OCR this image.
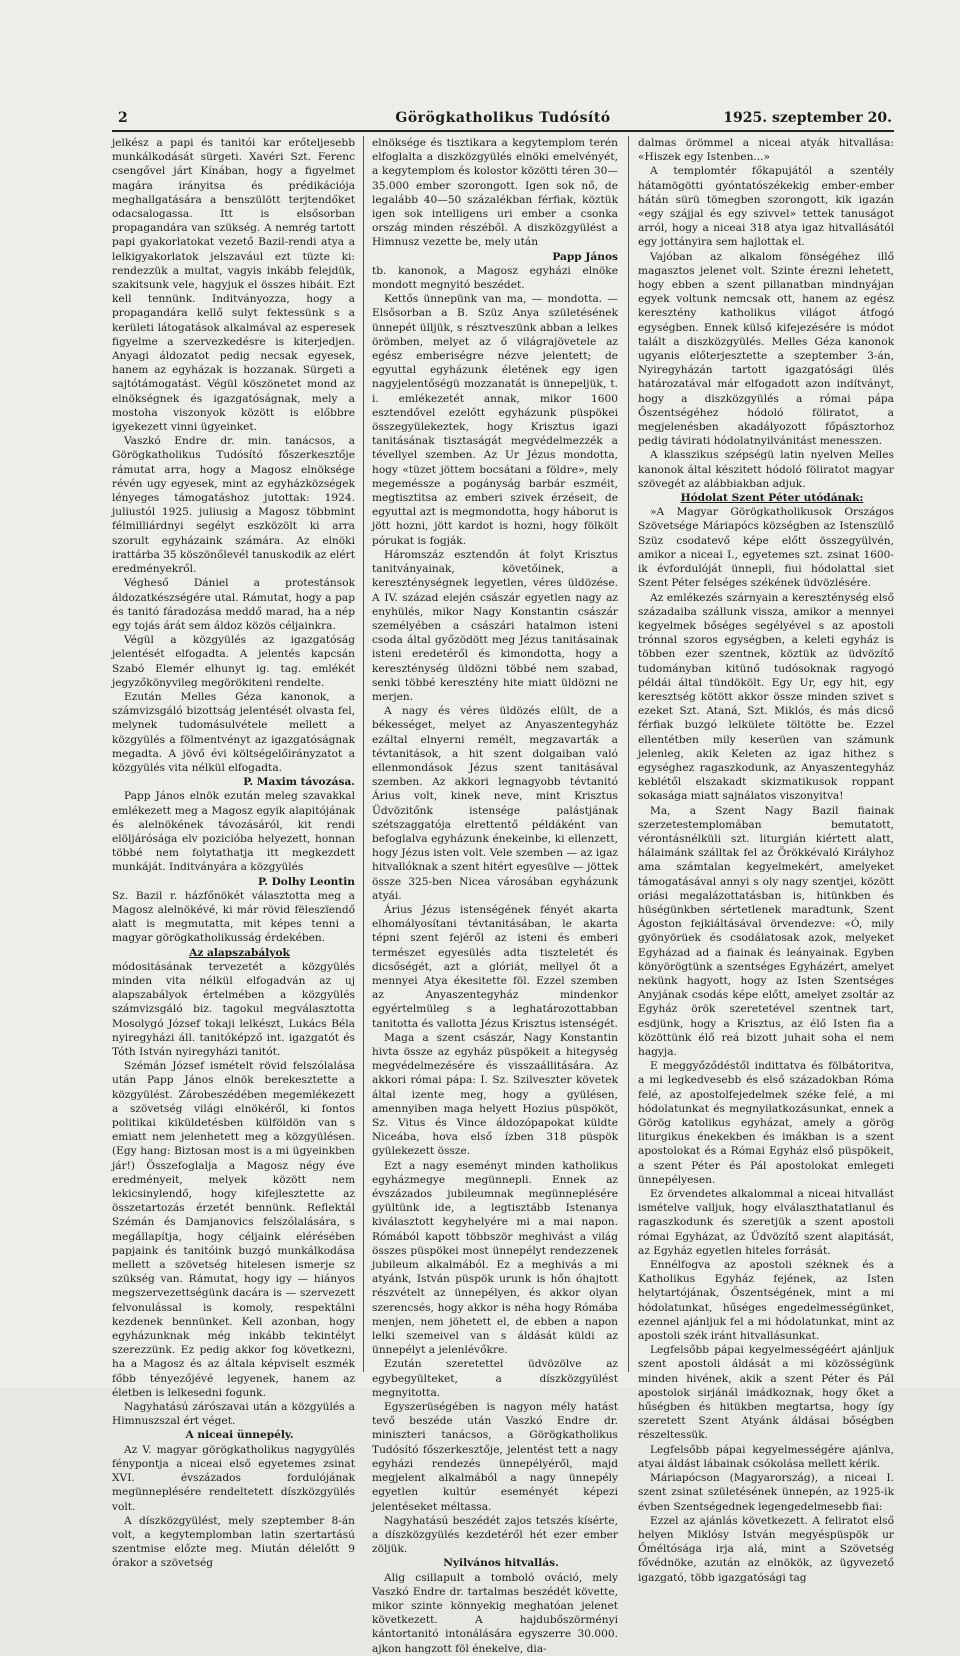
2	Görögkatholikus Tudósító	1925. szeptember 20.

jelkész a papi és tanitói kar erőteljesebb munkálkodását sürgeti. Xavéri Szt. Ferenc csengővel járt Kínában, hogy a figyelmet magára irányitsa és prédikációja meghallgatására a benszülött terjtendőket odacsalogassa. Itt is elsősorban propagandára van szükség. A nemrég tartott papi gyakorlatokat vezető Bazil-rendi atya a lelkigyakorlatok jelszavául ezt tüzte ki: rendezzük a multat, vagyis inkább felejdük, szakitsunk vele, hagyjuk el összes hibáit. Ezt kell tennünk. Inditványozza, hogy a propagandára kellő sulyt fektessünk s a kerületi látogatások alkalmával az esperesek figyelme a szervezkedésre is kiterjedjen. Anyagi áldozatot pedig necsak egyesek, hanem az egyházak is hozzanak. Sürgeti a sajtótámogatást. Végül köszönetet mond az elnökségnek és igazgatóságnak, mely a mostoha viszonyok között is előbbre igyekezett vinni ügyeinket.

Vaszkó Endre dr. min. tanácsos, a Görögkatholikus Tudósító főszerkesztője rámutat arra, hogy a Magosz elnöksége révén ugy egyesek, mint az egyházközségek lényeges támogatáshoz jutottak: 1924. juliustól 1925. juliusig a Magosz többmint félmilliárdnyi segélyt eszközölt ki arra szorult egyházaink számára. Az elnöki irattárba 35 köszönőlevél tanuskodik az elért eredményekről.

Végheső Dániel a protestánsok áldozatkészségére utal. Rámutat, hogy a pap és tanitó fáradozása meddő marad, ha a nép egy tojás árát sem áldoz közös céljainkra.

Végül a közgyülés az igazgatóság jelentését elfogadta. A jelentés kapcsán Szabó Elemér elhunyt ig. tag. emlékét jegyzőkönyvileg megörökiteni rendelte.

Ezután Melles Géza kanonok, a számvizsgáló bizottság jelentését olvasta fel, melynek tudomásulvétele mellett a közgyülés a fölmentvényt az igazgatóságnak megadta. A jövő évi költségelőirányzatot a közgyülés vita nélkül elfogadta.

P. Maxim távozása.

Papp János elnök ezután meleg szavakkal emlékezett meg a Magosz egyik alapitójának és alelnökének távozásáról, kit rendi elöljárósága elv pozicióba helyezett, honnan többé nem folytathatja itt megkezdett munkáját. Inditványára a közgyülés

P. Dolhy Leontin

Sz. Bazil r. házfőnökét választotta meg a Magosz alelnökévé, ki már rövid fëleszïendő alatt is megmutatta, mit képes tenni a magyar görögkatholikusság érdekében.

Az alapszabályok

módositásának tervezetét a közgyülés minden vita nélkül elfogadván az uj alapszabályok értelmében a közgyülés számvizsgáló biz. tagokul megválasztotta Mosolygó József tokaji lelkészt, Lukács Béla nyiregyházi áll. tanitóképző int. igazgatót és Tóth István nyiregyházi tanitót.

Szémán József ismételt rövid felszólalása után Papp János elnök berekesztette a közgyülést. Zárobeszédében megemlékezett a szövetség világi elnökéről, ki fontos politikai kiküldetésben külföldön van s emiatt nem jelenhetett meg a közgyülésen. (Egy hang: Biztosan most is a mi ügyeinkben jár!) Összefoglalja a Magosz négy éve eredményeit, melyek között nem lekicsinylendő, hogy kifejlesztette az összetartozás érzetét bennünk. Reflektál Szémán és Damjanovics felszólalására, s megállapítja, hogy céljaink elérésében papjaink és tanitóink buzgó munkálkodása mellett a szövetség hitelesen ismerje sz szükség van. Rámutat, hogy igy — hiányos megszervezettségünk dacára is — szervezett felvonulással is komoly, respektálni kezdenek bennünket. Kell azonban, hogy egyházunknak még inkább tekintélyt szerezzünk. Ez pedig akkor fog következni, ha a Magosz és az általa képviselt eszmék főbb tényezőjévé legyenek, hanem az életben is lelkesedni fogunk.

Nagyhatású zárószavai után a közgyülés a Himnuszszal ért véget.

A niceai ünnepély.

Az V. magyar görögkatholikus nagygyülés fénypontja a niceai első egyetemes zsinat XVI. évszázados fordulójának megünneplésére rendeltetett díszközgyülés volt.

A díszközgyülést, mely szeptember 8-án volt, a kegytemplomban latin szertartású szentmise előzte meg. Miután délelőtt 9 órakor a szövetség

elnöksége és tisztikara a kegytemplom terén elfoglalta a diszközgyülés elnöki emelvényét, a kegytemplom és kolostor közötti téren 30—35.000 ember szorongott. Igen sok nő, de legalább 40—50 százalékban férfiak, köztük igen sok intelligens uri ember a csonka ország minden részéből. A diszközgyülést a Himnusz vezette be, mely után

Papp János

tb. kanonok, a Magosz egyházi elnöke mondott megnyitó beszédet.

Kettős ünnepünk van ma, — mondotta. — Elsősorban a B. Szüz Anya születésének ünnepét ülljük, s résztveszünk abban a lelkes örömben, melyet az ő világrajövetele az egész emberiségre nézve jelentett; de egyuttal egyházunk életének egy igen nagyjelentőségü mozzanatát is ünnepeljük, t. i. emlékezetét annak, mikor 1600 esztendővel ezelőtt egyházunk püspökei összegyülekeztek, hogy Krisztus igazi tanitásának tisztaságát megvédelmezzék a tévellyel szemben. Az Ur Jézus mondotta, hogy «tüzet jöttem bocsátani a földre», mely megemésszе a pogányság barbár eszméit, megtisztitsa az emberi szivek érzéseit, de egyuttal azt is megmondotta, hogy háborut is jött hozni, jött kardot is hozni, hogy fölkölt pórukat is fogják.

Háromszáz esztendőn át folyt Krisztus tanitványainak, követőinek, a kereszténységnek legyetlen, véres üldözése. A IV. század elején császár egyetlen nagy az enyhülés, mikor Nagy Konstantin császár személyében a császári hatalmon isteni csoda által győzödött meg Jézus tanitásainak isteni eredetéről és kimondotta, hogy a kereszténység üldözni többé nem szabad, senki többé keresztény hite miatt üldözni ne merjen.

A nagy és véres üldözés elült, de a békességet, melyet az Anyaszentegyház ezáltal elnyerni remélt, megzavarták a tévtanitások, a hit szent dolgaiban való ellenmondások Jézus szent tanitásával szemben. Az akkori legnagyobb tévtanitó Árius volt, kinek neve, mint Krisztus Üdvözitőnk istensége palástjának szétszaggatója elrettentő példáként van befoglalva egyházunk énekeinbe, ki ellenzett, hogy Jézus isten volt. Vele szemben — az igaz hitvallóknak a szent hitért egyesülve — jöttek össze 325-ben Nicea városában egyházunk atyái.

Árius Jézus istenségének fényét akarta elhomályosítani tévtanitásában, le akarta tépni szent fejéről az isteni és emberi természet egyesülés adta tiszteletét és dicsőségét, azt a glóriát, mellyel őt a mennyei Atya ékesitette föl. Ezzel szemben az Anyaszentegyház mindenkor egyértelmüleg s a leghatározottabban tanitotta és vallotta Jézus Krisztus istenségét.

Maga a szent császár, Nagy Konstantin hivta össze az egyház püspökeit a hitegység megvédelmezésére és visszaállitására. Az akkori római pápa: I. Sz. Szilveszter követek által izente meg, hogy a gyülésen, amennyiben maga helyett Hozius püspököt, Sz. Vitus és Vince áldozópapokat küldte Niceába, hova első ízben 318 püspök gyülekezett össze.

Ezt a nagy eseményt minden katholikus egyházmegye megünnepli. Ennek az évszázados jubileumnak megünneplésére gyültünk ide, a legtisztább Istenanya kiválasztott kegyhelyére mi a mai napon. Rómából kapott többször meghivást a világ összes püspökei most ünnepélyt rendezzenek jubileum alkalmából. Ez a meghivás a mi atyánk, István püspök urunk is hőn óhajtott részvételt az ünnepélyen, és akkor olyan szerencsés, hogy akkor is néha hogy Rómába menjen, nem jöhetett el, de ebben a napon lelki szemeivel van s áldását küldi az ünnepélyt a jelenlévőkre.

Ezután szeretettel üdvözölve az egybegyülteket, a díszközgyülést megnyitotta.

Egyszerüségében is nagyon mély hatást tevő beszéde után Vaszkó Endre dr. miniszteri tanácsos, a Görögkatholikus Tudósító főszerkesztője, jelentést tett a nagy egyházi rendezés ünnepélyéről, majd megjelent alkalmából a nagy ünnepély egyetlen kultúr eseményét képezi jelentéseket méltassa.

Nagyhatású beszédét zajos tetszés kísérte, a díszközgyülés kezdetéről hét ezer ember zöljük.

Nyilvános hitvallás.

Alig csillapult a tomboló ováció, mely Vaszkó Endre dr. tartalmas beszédét követte, mikor szinte könnyekig meghatóan jelenet következett. A hajdubőszörményi kántortanitó intonálására egyszerre 30.000. ajkon hangzott föl énekelve, dia-

dalmas örömmel a niceai atyák hitvallása: «Hiszek egy Istenben...»

A templomtér főkapujától a szentély hátamögötti gyóntatószékekig ember-ember hátán sürü tömegben szorongott, kik igazán «egy szájjal és egy szivvel» tettek tanuságot arról, hogy a niceai 318 atya igaz hitvallásától egy jottányira sem hajlottak el.

Vajóban az alkalom fönségéhez illő magasztos jelenet volt. Szinte érezni lehetett, hogy ebben a szent pillanatban mindnyájan egyek voltunk nemcsak ott, hanem az egész keresztény katholikus világot átfogó egységben. Ennek külső kifejezésére is módot talált a diszközgyülés. Melles Géza kanonok ugyanis előterjesztette a szeptember 3-án, Nyiregyházán tartott igazgatósági ülés határozatával már elfogadott azon indítványt, hogy a diszközgyülés a római pápa Őszentségéhez hódoló föliratot, a megjelenésben akadályozott főpásztorhoz pedig távirati hódolatnyilvánitást menesszen.

A klasszikus szépségü latin nyelven Melles kanonok által készitett hódoló föliratot magyar szövegét az alábbiakban adjuk.

Hódolat Szent Péter utódának:

»A Magyar Görögkatholikusok Országos Szövetsége Máriapócs községben az Istenszülő Szüz csodatevő képe előtt összegyülvén, amikor a niceai I., egyetemes szt. zsinat 1600-ik évfordulóját ünnepli, fiui hódolattal siet Szent Péter felséges székének üdvözlésére.

Az emlékezés szárnyain a kereszténység első századaiba szállunk vissza, amikor a mennyei kegyelmek bőséges segélyével s az apostoli trónnal szoros egységben, a keleti egyház is többen ezer szentnek, köztük az üdvözítő tudományban kitünő tudósoknak ragyogó példái által tündökölt. Egy Ur, egy hit, egy keresztség kötött akkor össze minden szivet s ezeket Szt. Ataná, Szt. Miklós, és más dicső férfiak buzgó lelkülete töltötte be. Ezzel ellentétben mily keserüen van számunk jelenleg, akik Keleten az igaz hithez s egységhez ragaszkodunk, az Anyaszentegyház keblétől elszakadt skizmatikusok roppant sokasága miatt sajnálatos viszonyitva!

Ma, a Szent Nagy Bazil fiainak szerzetestemplomában bemutatott, vérontásnélküli szt. liturgián kiértett alatt, hálaimánk szálltak fel az Örökkévaló Királyhoz ama számtalan kegyelmekért, amelyeket támogatásával annyi s oly nagy szentjei, között oriási megalázottatásban is, hitünkben és hüségünkben sértetlenek maradtunk, Szent Ágoston fejkiáltásával örvendezve: «Ó, mily gyönyörüek és csodálatosak azok, melyeket Egyházad ad a fiainak és leányainak. Egyben könyörögtünk a szentséges Egyházért, amelyet nekünk hagyott, hogy az Isten Szentséges Anyjának csodás képe előtt, amelyet zsoltár az Egyház örök szeretetével szentnek tart, esdjünk, hogy a Krisztus, az élő Isten fia a közöttünk élő reá bizott juhait soha el nem hagyja.

E meggyőződéstől indittatva és fölbátoritva, a mi legkedvesebb és első századokban Róma felé, az apostolfejedelmek széke felé, a mi hódolatunkat és megnyilatkozásunkat, ennek a Görög katolikus egyházat, amely a görög liturgikus énekekben és imákban is a szent apostolokat és a Római Egyház első püspökeit, a szent Péter és Pál apostolokat emlegeti ünnepélyesen.

Ez örvendetes alkalommal a niceai hitvallást ismételve valljuk, hogy elválaszthatatlanul és ragaszkodunk és szeretjük a szent apostoli római Egyházat, az Üdvözítő szent alapitását, az Egyház egyetlen hiteles forrását.

Ennélfogva az apostoli széknek és a Katholikus Egyház fejének, az Isten helytartójának, Őszentségének, mint a mi hódolatunkat, hűséges engedelmességünket, ezennel ajánljuk fel a mi hódolatunkat, mint az apostoli szék iránt hitvallásunkat.

Legfelsőbb pápai kegyelmességéért ajánljuk szent apostoli áldását a mi közösségünk minden hivének, akik a szent Péter és Pál apostolok sirjánál imádkoznak, hogy őket a hűségben és hitükben megtartsa, hogy így szeretett Szent Atyánk áldásai bőségben részeltessük.

Legfelsőbb pápai kegyelmességére ajánlva, atyai áldást lábainak csókolása mellett kérik.

Máriapócson (Magyarország), a niceai I. szent zsinat születésének ünnepén, az 1925-ik évben Szentségednek legengedelmesebb fiai:

Ezzel az ajánlás következett. A feliratot első helyen Miklósy István megyéspüspök ur Őméltósága irja alá, mint a Szövetség fővédnöke, azután az elnökök, az ügyvezető igazgató, több igazgatósági tag
